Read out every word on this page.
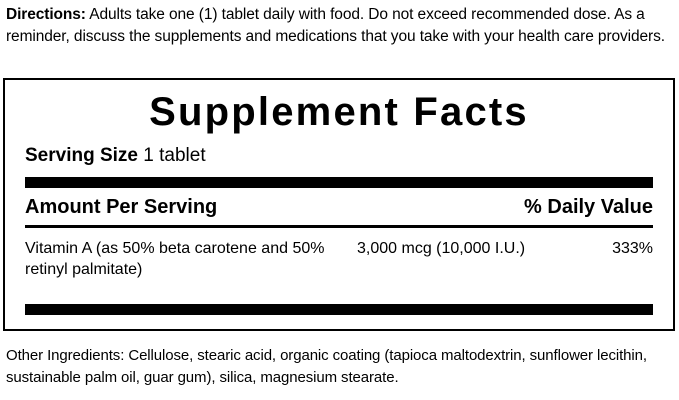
Directions: Adults take one (1) tablet daily with food. Do not exceed recommended dose. As a reminder, discuss the supplements and medications that you take with your health care providers.
Supplement Facts
Serving Size 1 tablet
Amount Per Serving	% Daily Value
Vitamin A (as 50% beta carotene and 50% retinyl palmitate)
3,000 mcg (10,000 I.U.)	333%
Other Ingredients: Cellulose, stearic acid, organic coating (tapioca maltodextrin, sunflower lecithin, sustainable palm oil, guar gum), silica, magnesium stearate.
